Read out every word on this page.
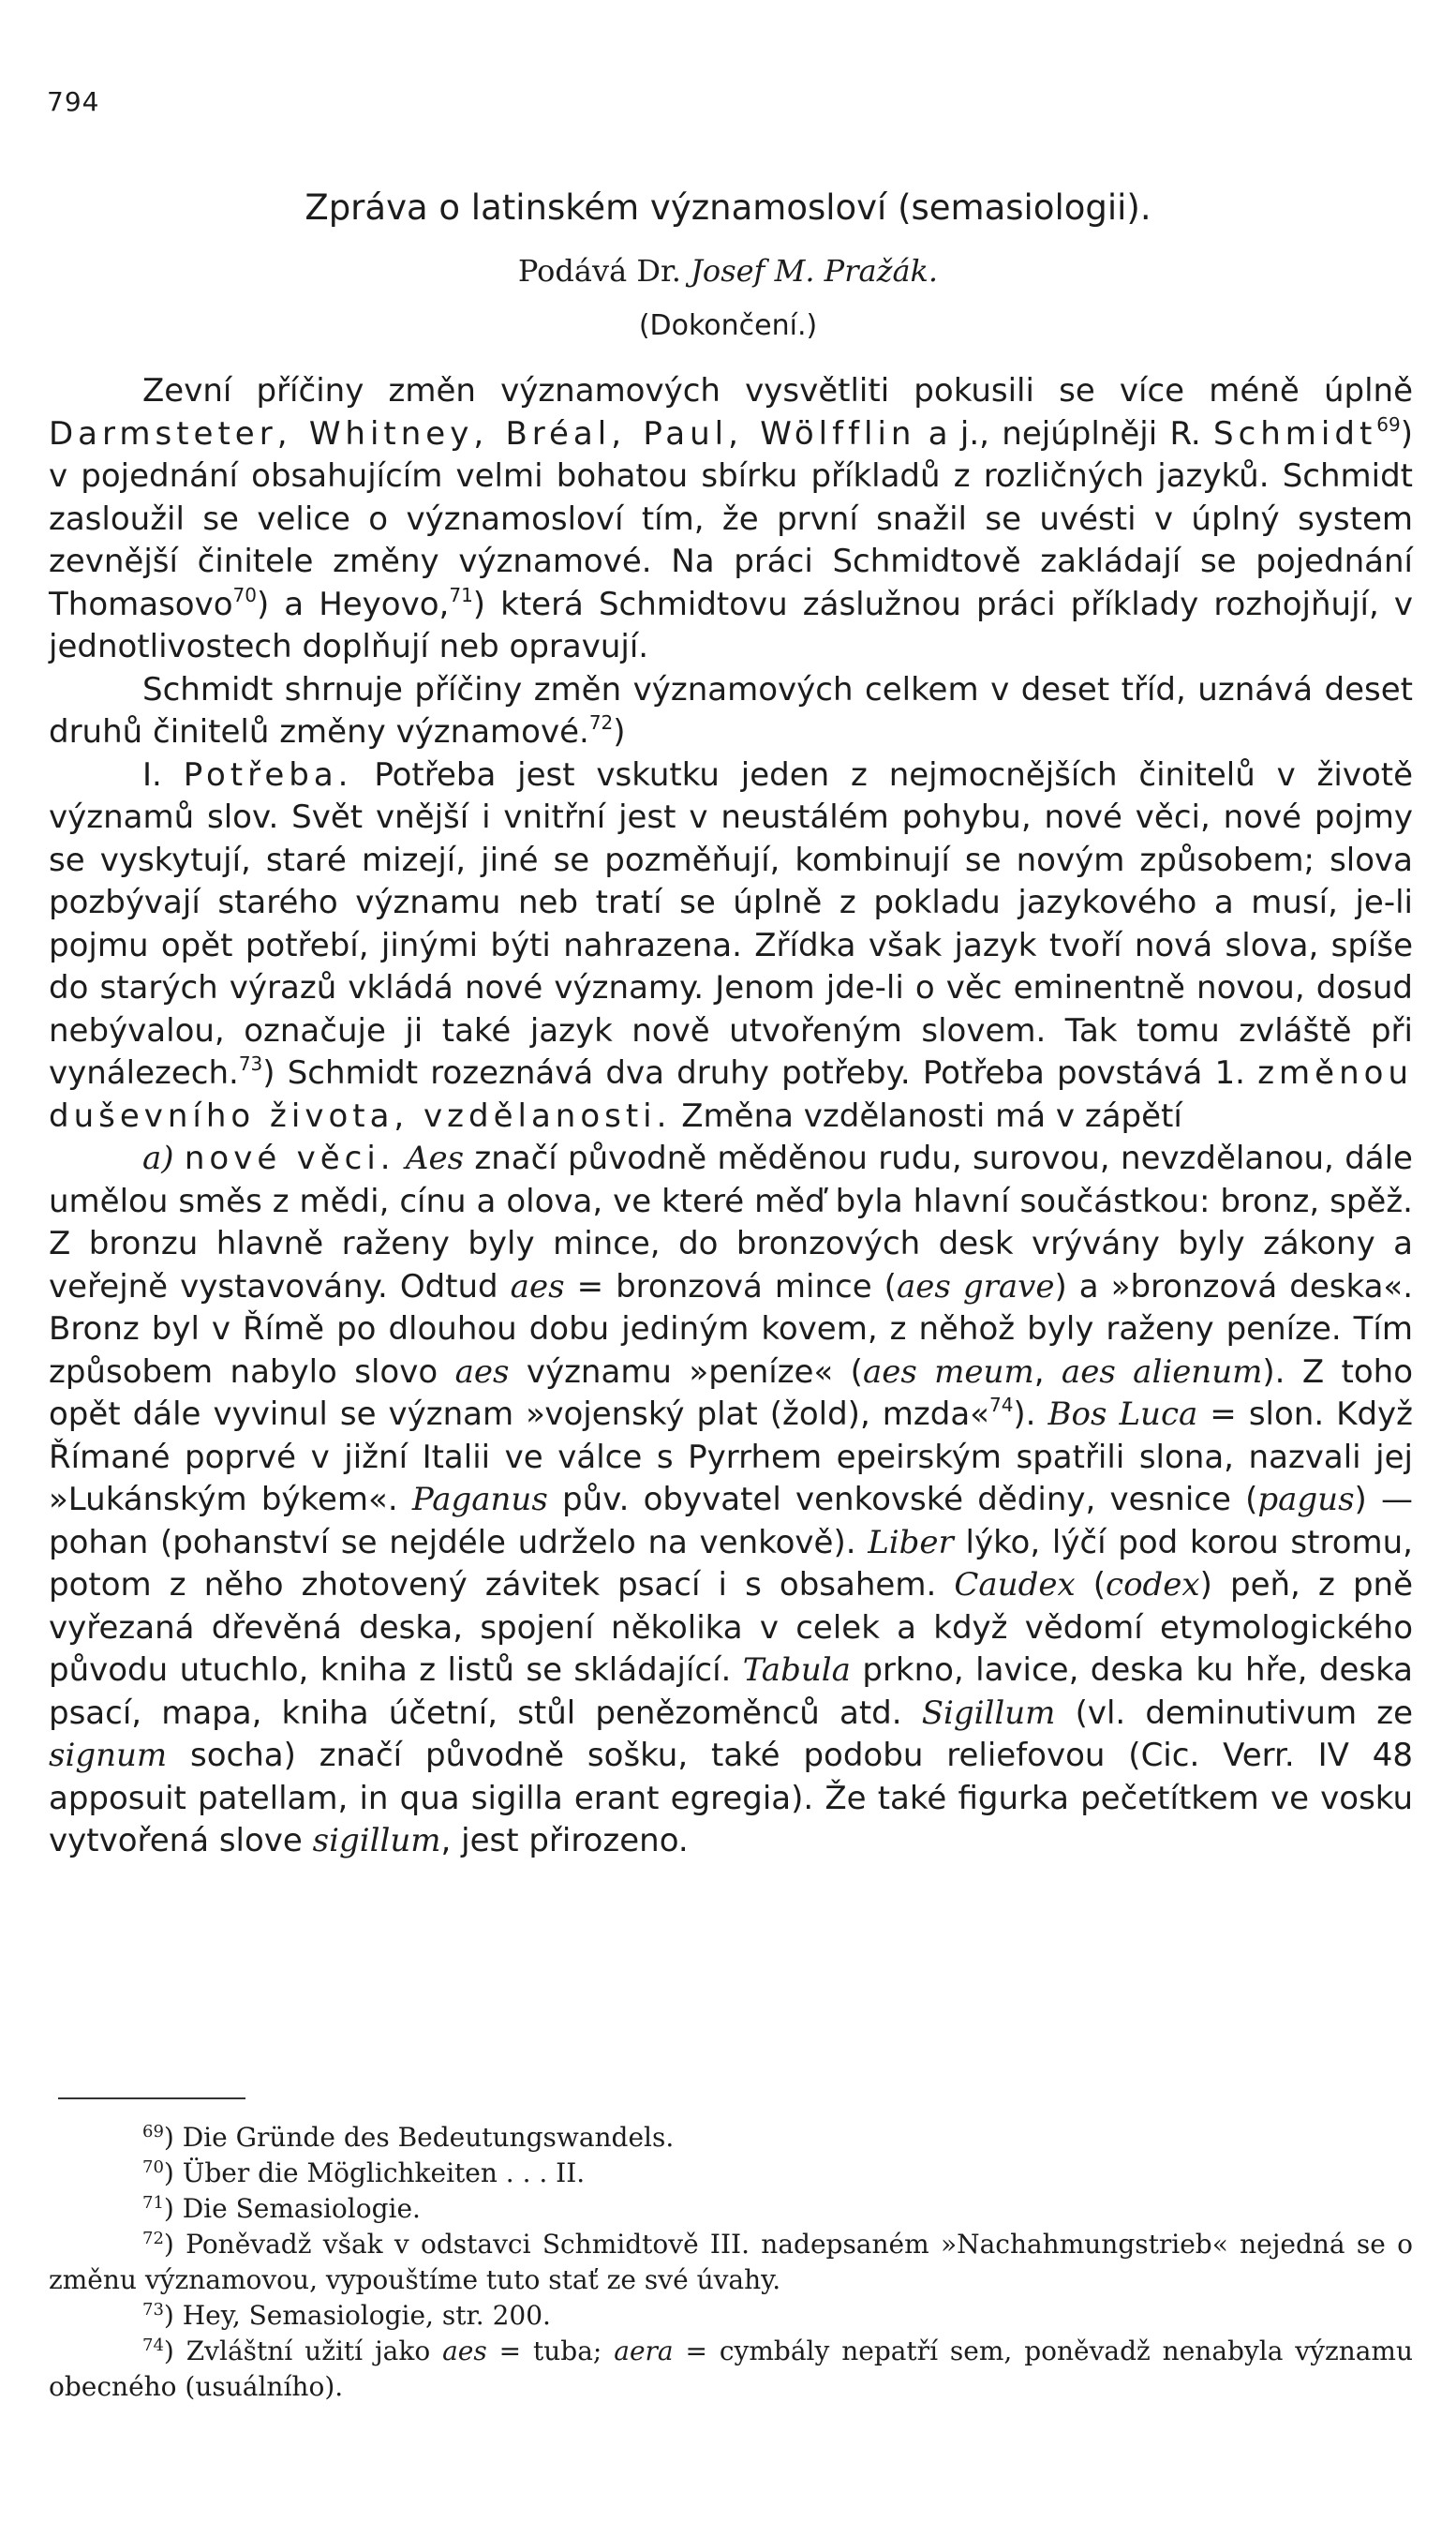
794
Zpráva o latinském významosloví (semasiologii).
Podává Dr. Josef M. Pražák.
(Dokončení.)

Zevní příčiny změn významových vysvětliti pokusili se více méně úplně Darmsteter, Whitney, Bréal, Paul, Wölfflin a j., nejúplněji R. Schmidt$^{69}$) v pojednání obsahujícím velmi bohatou sbírku příkladů z rozličných jazyků. Schmidt zasloužil se velice o významosloví tím, že první snažil se uvésti v úplný system zevnější činitele změny významové. Na práci Schmidtově zakládají se pojednání Thomasovo$^{70}$) a Heyovo,$^{71}$) která Schmidtovu záslužnou práci příklady rozhojňují, v jednotlivostech doplňují neb opravují.

Schmidt shrnuje příčiny změn významových celkem v deset tříd, uznává deset druhů činitelů změny významové.$^{72}$)

I. Potřeba. Potřeba jest vskutku jeden z nejmocnějších činitelů v životě významů slov. Svět vnější i vnitřní jest v neustálém pohybu, nové věci, nové pojmy se vyskytují, staré mizejí, jiné se pozměňují, kombinují se novým způsobem; slova pozbývají starého významu neb tratí se úplně z pokladu jazykového a musí, je-li pojmu opět potřebí, jinými býti nahrazena. Zřídka však jazyk tvoří nová slova, spíše do starých výrazů vkládá nové významy. Jenom jde-li o věc eminentně novou, dosud nebývalou, označuje ji také jazyk nově utvořeným slovem. Tak tomu zvláště při vynálezech.$^{73}$) Schmidt rozeznává dva druhy potřeby. Potřeba povstává 1. změnou duševního života, vzdělanosti. Změna vzdělanosti má v zápětí

a) nové věci. Aes značí původně měděnou rudu, surovou, nevzdělanou, dále umělou směs z mědi, cínu a olova, ve které měď byla hlavní součástkou: bronz, spěž. Z bronzu hlavně raženy byly mince, do bronzových desk vrývány byly zákony a veřejně vystavovány. Odtud aes = bronzová mince (aes grave) a »bronzová deska«. Bronz byl v Římě po dlouhou dobu jediným kovem, z něhož byly raženy peníze. Tím způsobem nabylo slovo aes významu »peníze« (aes meum, aes alienum). Z toho opět dále vyvinul se význam »vojenský plat (žold), mzda«$^{74}$). Bos Luca = slon. Když Římané poprvé v jižní Italii ve válce s Pyrrhem epeirským spatřili slona, nazvali jej »Lukánským býkem«. Paganus pův. obyvatel venkovské dědiny, vesnice (pagus) — pohan (pohanství se nejdéle udrželo na venkově). Liber lýko, lýčí pod korou stromu, potom z něho zhotovený závitek psací i s obsahem. Caudex (codex) peň, z pně vyřezaná dřevěná deska, spojení několika v celek a když vědomí etymologického původu utuchlo, kniha z listů se skládající. Tabula prkno, lavice, deska ku hře, deska psací, mapa, kniha účetní, stůl penězoměnců atd. Sigillum (vl. deminutivum ze signum socha) značí původně sošku, také podobu reliefovou (Cic. Verr. IV 48 apposuit patellam, in qua sigilla erant egregia). Že také figurka pečetítkem ve vosku vytvořená slove sigillum, jest přirozeno.

$^{69}$) Die Gründe des Bedeutungswandels.
$^{70}$) Über die Möglichkeiten . . . II.
$^{71}$) Die Semasiologie.
$^{72}$) Poněvadž však v odstavci Schmidtově III. nadepsaném »Nachahmungstrieb« nejedná se o změnu významovou, vypouštíme tuto stať ze své úvahy.
$^{73}$) Hey, Semasiologie, str. 200.
$^{74}$) Zvláštní užití jako aes = tuba; aera = cymbály nepatří sem, poněvadž nenabyla významu obecného (usuálního).
